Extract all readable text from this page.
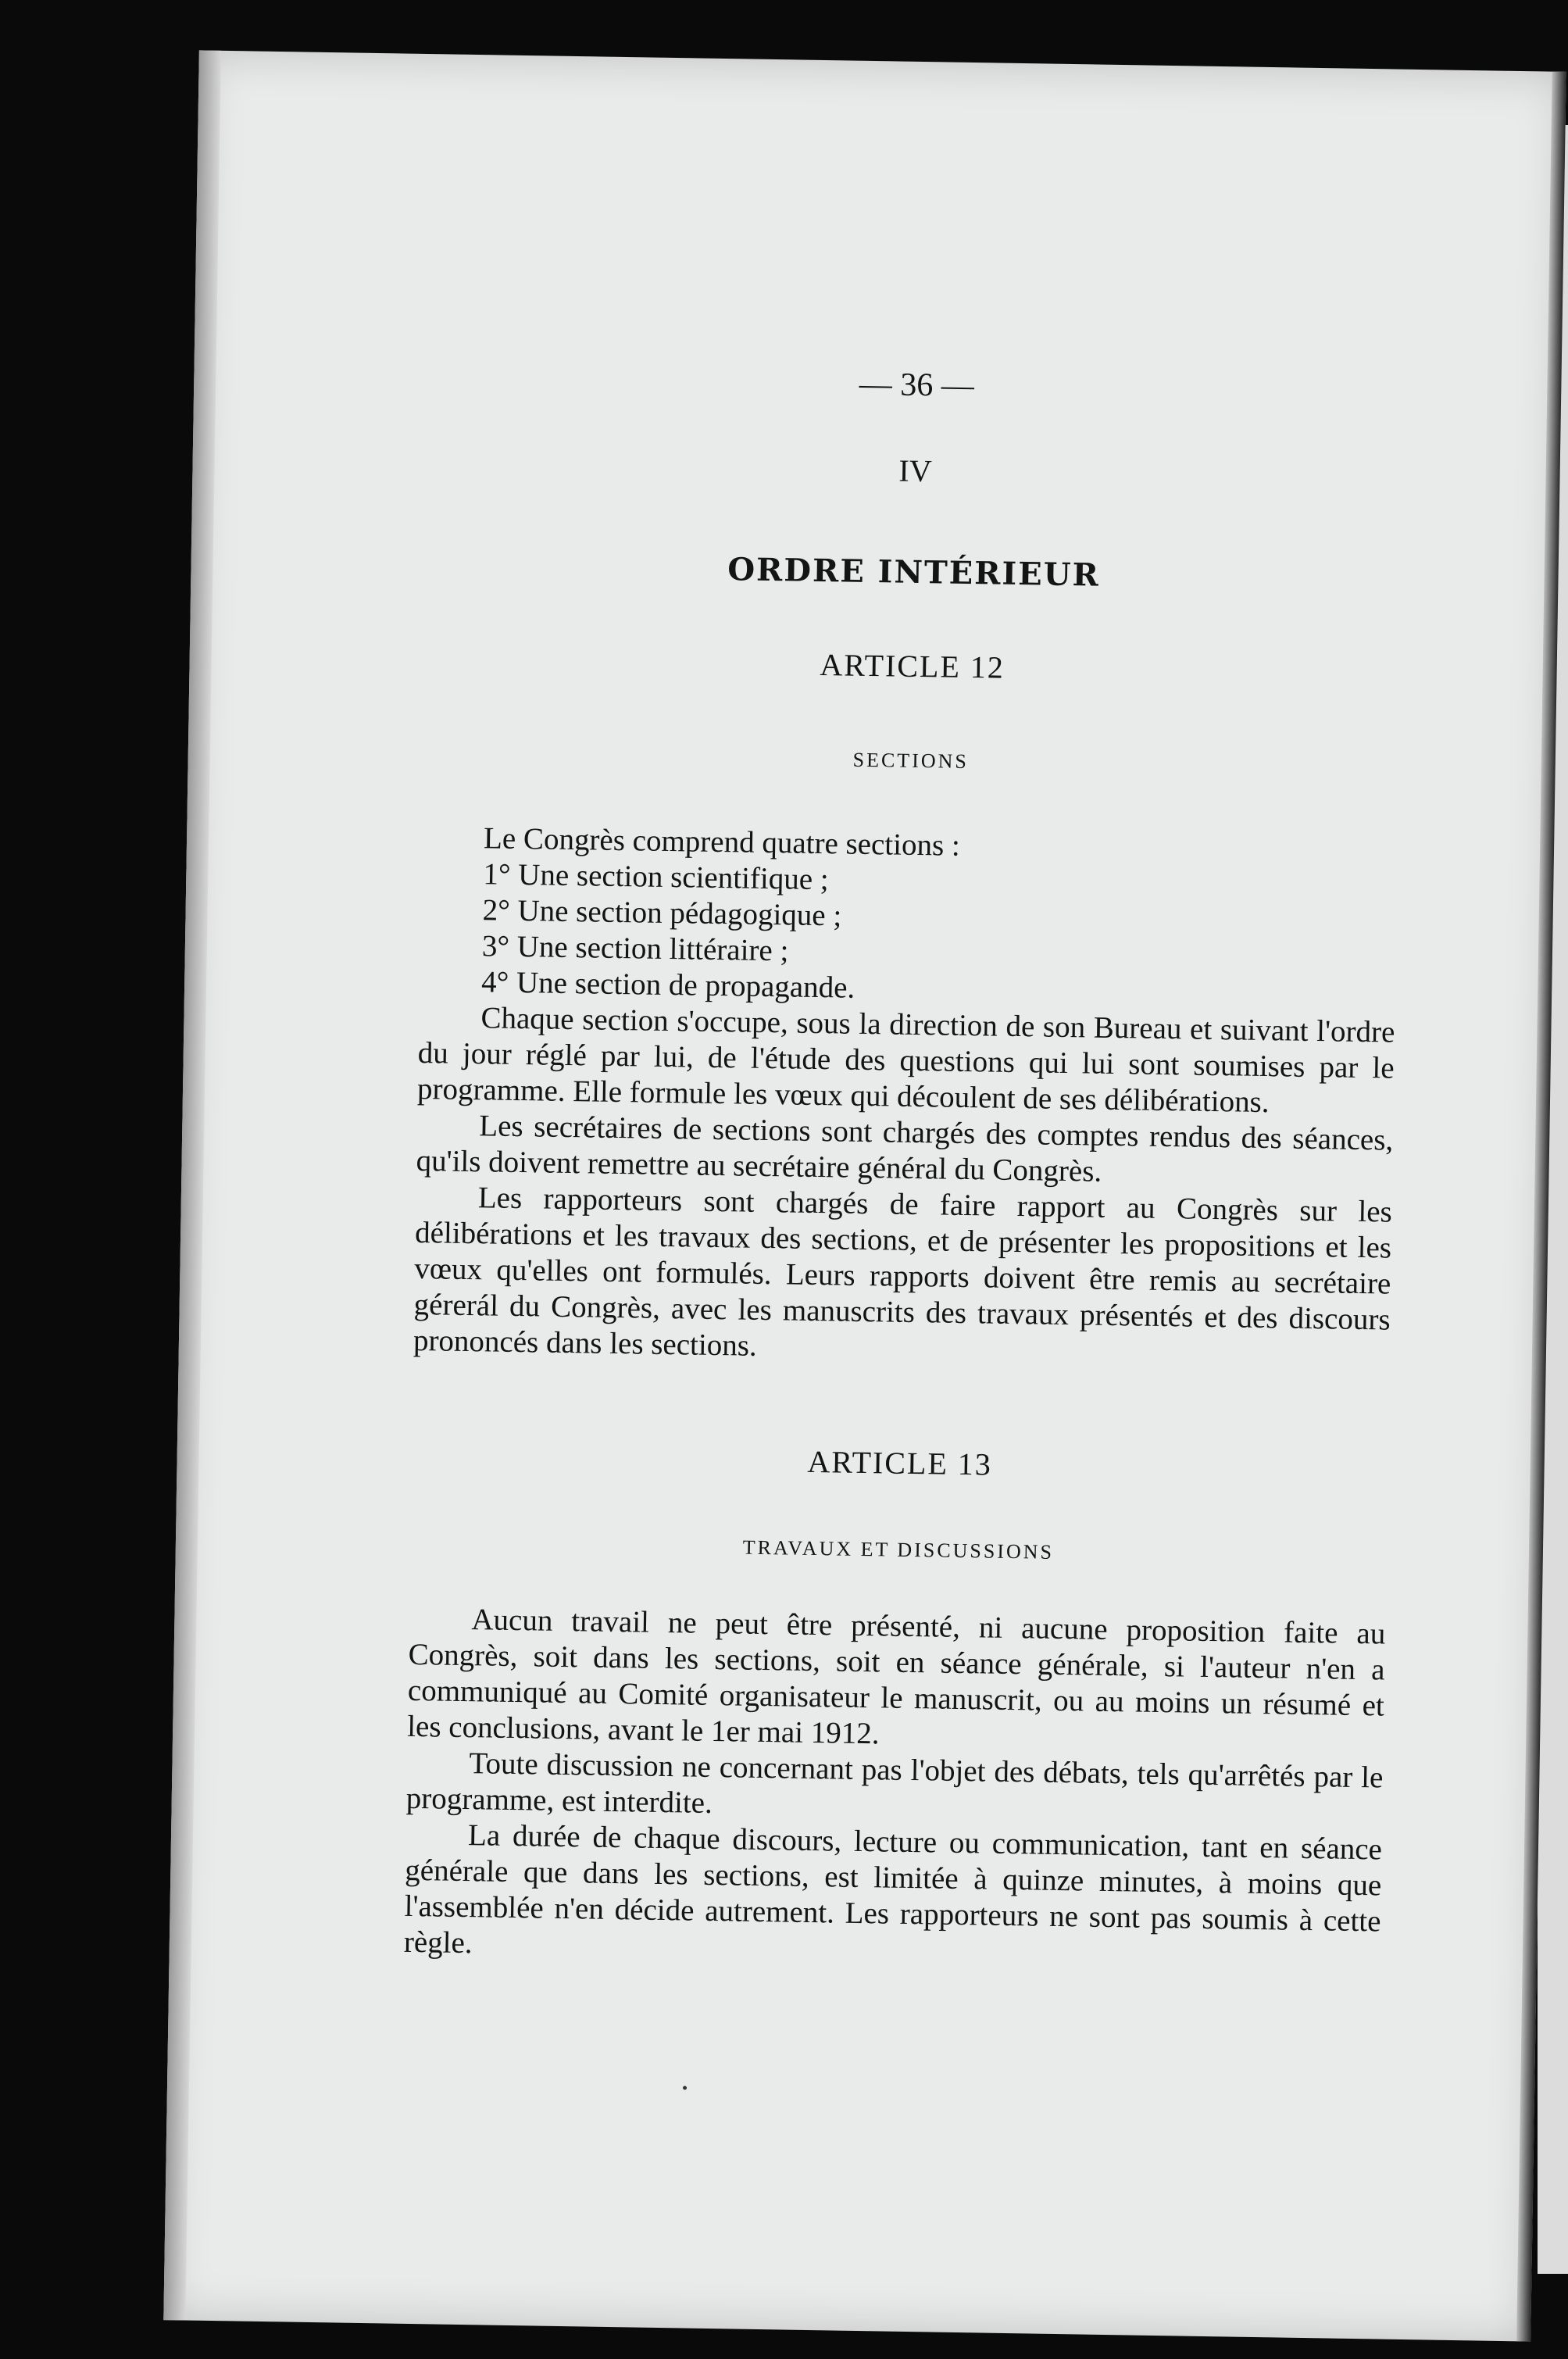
— 36 —
IV
ORDRE INTÉRIEUR
ARTICLE 12
SECTIONS
Le Congrès comprend quatre sections :
1° Une section scientifique ;
2° Une section pédagogique ;
3° Une section littéraire ;
4° Une section de propagande.

Chaque section s'occupe, sous la direction de son Bureau et suivant l'ordre du jour réglé par lui, de l'étude des questions qui lui sont soumises par le programme. Elle formule les vœux qui découlent de ses délibérations.

Les secrétaires de sections sont chargés des comptes rendus des séances, qu'ils doivent remettre au secrétaire général du Congrès.

Les rapporteurs sont chargés de faire rapport au Congrès sur les délibérations et les travaux des sections, et de présenter les propositions et les vœux qu'elles ont formulés. Leurs rapports doivent être remis au secrétaire gérerál du Congrès, avec les manuscrits des travaux présentés et des discours prononcés dans les sections.

ARTICLE 13
TRAVAUX ET DISCUSSIONS

Aucun travail ne peut être présenté, ni aucune proposition faite au Congrès, soit dans les sections, soit en séance générale, si l'auteur n'en a communiqué au Comité organisateur le manuscrit, ou au moins un résumé et les conclusions, avant le 1er mai 1912.

Toute discussion ne concernant pas l'objet des débats, tels qu'arrêtés par le programme, est interdite.

La durée de chaque discours, lecture ou communication, tant en séance générale que dans les sections, est limitée à quinze minutes, à moins que l'assemblée n'en décide autrement. Les rapporteurs ne sont pas soumis à cette règle.
